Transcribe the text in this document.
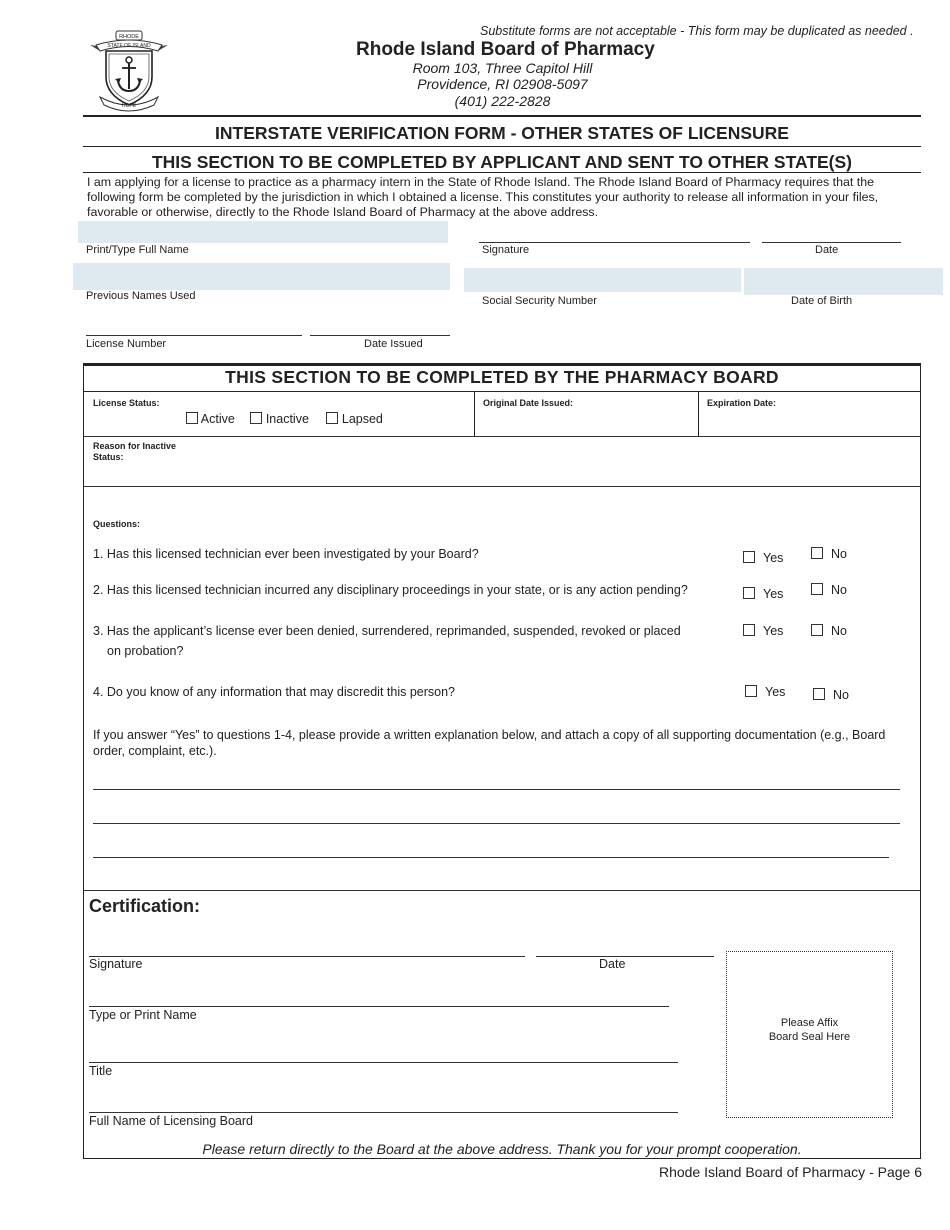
RHODE
STATE OF ISLAND
HOPE
Substitute forms are not acceptable - This form may be duplicated as needed .
Rhode Island Board of Pharmacy
Room 103, Three Capitol Hill
Providence, RI 02908-5097
(401) 222-2828
INTERSTATE VERIFICATION FORM - OTHER STATES OF LICENSURE
THIS SECTION TO BE COMPLETED BY APPLICANT AND SENT TO OTHER STATE(S)
I am applying for a license to practice as a pharmacy intern in the State of Rhode Island. The Rhode Island Board of Pharmacy requires that the following form be completed by the jurisdiction in which I obtained a license. This constitutes your authority to release all information in your files, favorable or otherwise, directly to the Rhode Island Board of Pharmacy at the above address.
Print/Type Full Name	Signature	Date
Previous Names Used	Social Security Number	Date of Birth
License Number	Date Issued
THIS SECTION TO BE COMPLETED BY THE PHARMACY BOARD
License Status:
Active Inactive	Lapsed
Original Date Issued:	Expiration Date:
Reason for Inactive Status:
Questions:
1. Has this licensed technician ever been investigated by your Board?	Yes	No
2. Has this licensed technician incurred any disciplinary proceedings in your state, or is any action pending?	Yes	No
3. Has the applicant’s license ever been denied, surrendered, reprimanded, suspended, revoked or placed
on probation?
Yes	No
4. Do you know of any information that may discredit this person?	Yes	No
If you answer “Yes” to questions 1-4, please provide a written explanation below, and attach a copy of all supporting documentation (e.g., Board order, complaint, etc.).
Certification:
Signature	Date
Type or Print Name
Title
Full Name of Licensing Board
Please Affix
Board Seal Here
Please return directly to the Board at the above address. Thank you for your prompt cooperation.
Rhode Island Board of Pharmacy - Page 6
